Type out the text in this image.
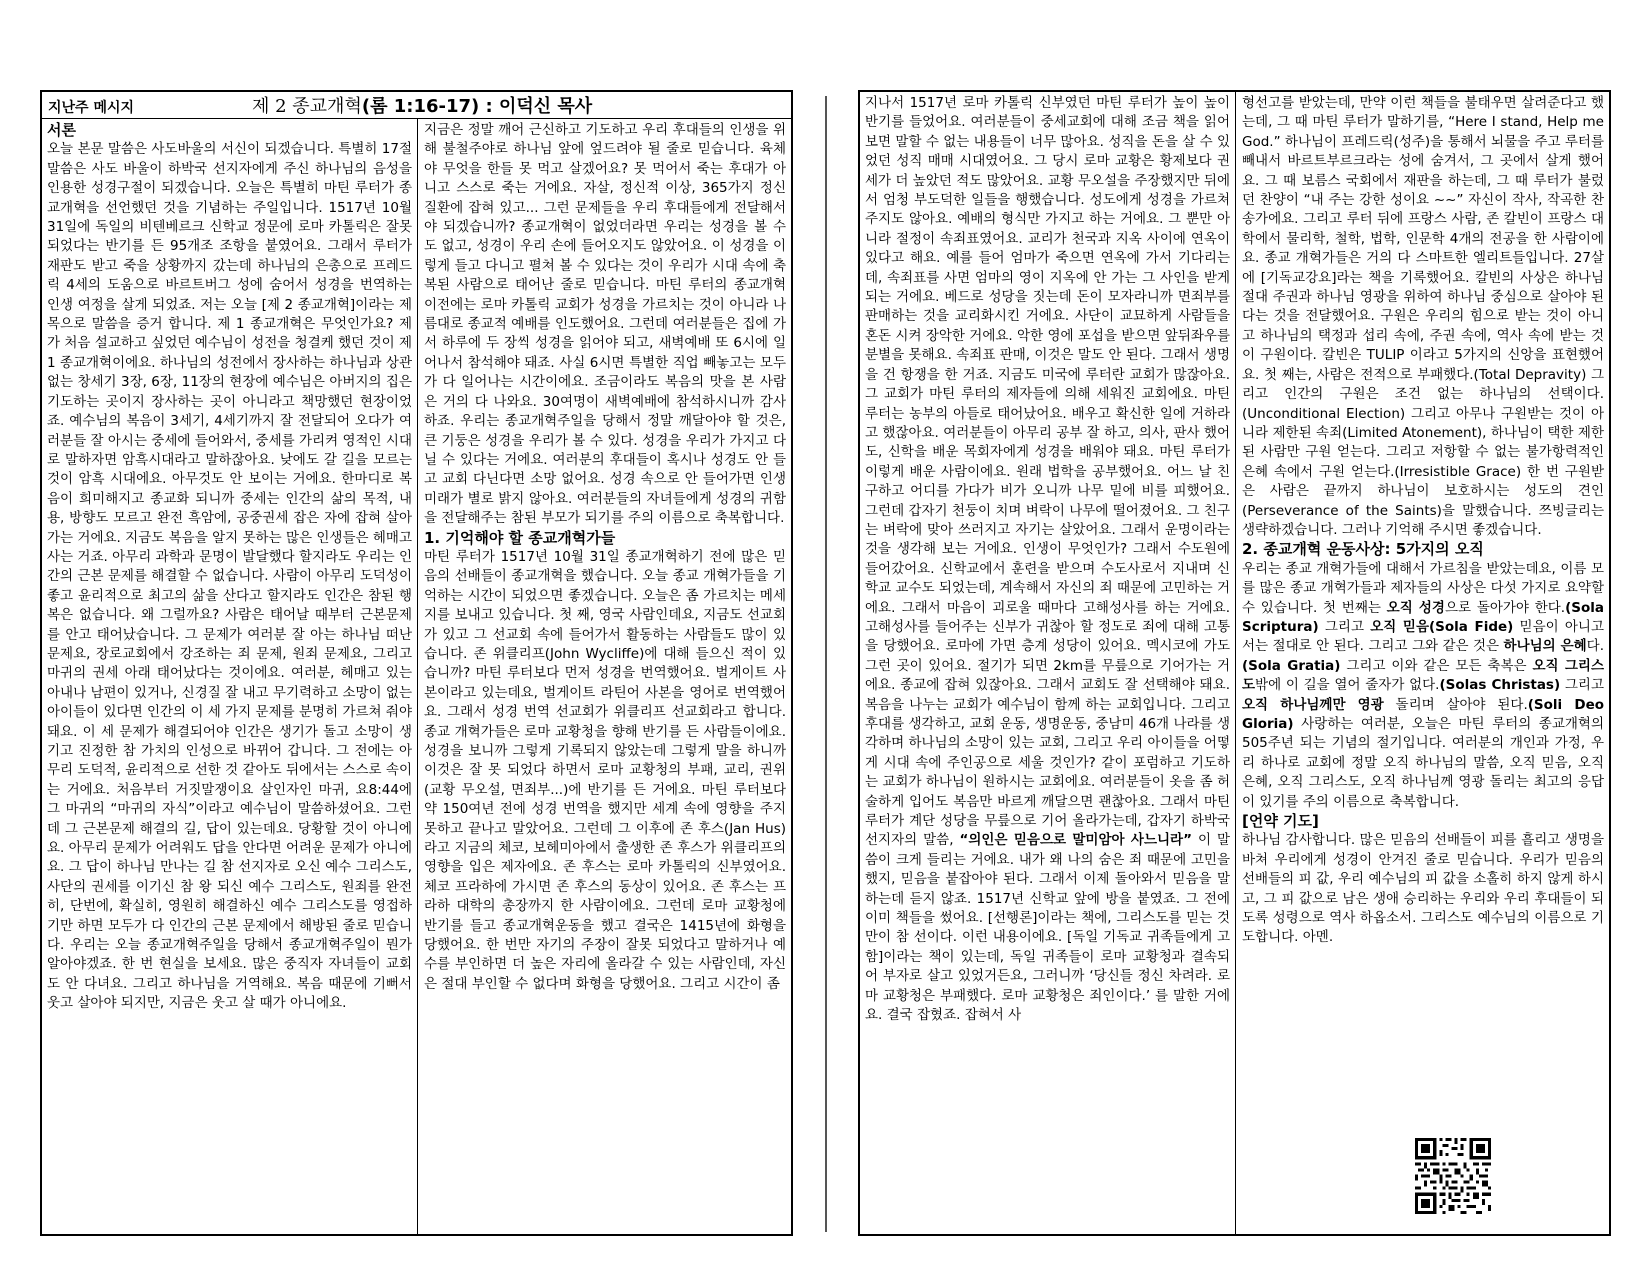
지난주 메시지	제 2 종교개혁(롬 1:16-17) : 이덕신 목사

서론

오늘 본문 말씀은 사도바울의 서신이 되겠습니다. 특별히 17절 말씀은 사도 바울이 하박국 선지자에게 주신 하나님의 음성을 인용한 성경구절이 되겠습니다. 오늘은 특별히 마틴 루터가 종교개혁을 선언했던 것을 기념하는 주일입니다. 1517년 10월 31일에 독일의 비텐베르크 신학교 정문에 로마 카톨릭은 잘못 되었다는 반기를 든 95개조 조항을 붙였어요. 그래서 루터가 재판도 받고 죽을 상황까지 갔는데 하나님의 은총으로 프레드릭 4세의 도움으로 바르트버그 성에 숨어서 성경을 번역하는 인생 여정을 살게 되었죠. 저는 오늘 [제 2 종교개혁]이라는 제목으로 말씀을 증거 합니다. 제 1 종교개혁은 무엇인가요? 제가 처음 설교하고 싶었던 예수님이 성전을 청결케 했던 것이 제 1 종교개혁이에요. 하나님의 성전에서 장사하는 하나님과 상관없는 창세기 3장, 6장, 11장의 현장에 예수님은 아버지의 집은 기도하는 곳이지 장사하는 곳이 아니라고 책망했던 현장이었죠. 예수님의 복음이 3세기, 4세기까지 잘 전달되어 오다가 여러분들 잘 아시는 중세에 들어와서, 중세를 가리켜 영적인 시대로 말하자면 암흑시대라고 말하잖아요. 낮에도 갈 길을 모르는 것이 암흑 시대에요. 아무것도 안 보이는 거에요. 한마디로 복음이 희미해지고 종교화 되니까 중세는 인간의 삶의 목적, 내용, 방향도 모르고 완전 흑암에, 공중권세 잡은 자에 잡혀 살아가는 거에요. 지금도 복음을 알지 못하는 많은 인생들은 헤매고 사는 거죠. 아무리 과학과 문명이 발달했다 할지라도 우리는 인간의 근본 문제를 해결할 수 없습니다. 사람이 아무리 도덕성이 좋고 윤리적으로 최고의 삶을 산다고 할지라도 인간은 참된 행복은 없습니다. 왜 그럴까요? 사람은 태어날 때부터 근본문제를 안고 태어났습니다. 그 문제가 여러분 잘 아는 하나님 떠난 문제요, 장로교회에서 강조하는 죄 문제, 원죄 문제요, 그리고 마귀의 권세 아래 태어났다는 것이에요. 여러분, 헤매고 있는 아내나 남편이 있거나, 신경질 잘 내고 무기력하고 소망이 없는 아이들이 있다면 인간의 이 세 가지 문제를 분명히 가르쳐 줘야 돼요. 이 세 문제가 해결되어야 인간은 생기가 돌고 소망이 생기고 진정한 참 가치의 인성으로 바뀌어 갑니다. 그 전에는 아무리 도덕적, 윤리적으로 선한 것 같아도 뒤에서는 스스로 속이는 거에요. 처음부터 거짓말쟁이요 살인자인 마귀, 요8:44에 그 마귀의 “마귀의 자식”이라고 예수님이 말씀하셨어요. 그런데 그 근본문제 해결의 길, 답이 있는데요. 당황할 것이 아니에요. 아무리 문제가 어려워도 답을 안다면 어려운 문제가 아니에요. 그 답이 하나님 만나는 길 참 선지자로 오신 예수 그리스도, 사단의 권세를 이기신 참 왕 되신 예수 그리스도, 원죄를 완전히, 단번에, 확실히, 영원히 해결하신 예수 그리스도를 영접하기만 하면 모두가 다 인간의 근본 문제에서 해방된 줄로 믿습니다. 우리는 오늘 종교개혁주일을 당해서 종교개혁주일이 뭔가 알아야겠죠. 한 번 현실을 보세요. 많은 중직자 자녀들이 교회도 안 다녀요. 그리고 하나님을 거역해요. 복음 때문에 기뻐서 웃고 살아야 되지만, 지금은 웃고 살 때가 아니에요.

지금은 정말 깨어 근신하고 기도하고 우리 후대들의 인생을 위해 불철주야로 하나님 앞에 엎드려야 될 줄로 믿습니다. 육체야 무엇을 한들 못 먹고 살겠어요? 못 먹어서 죽는 후대가 아니고 스스로 죽는 거에요. 자살, 정신적 이상, 365가지 정신 질환에 잡혀 있고... 그런 문제들을 우리 후대들에게 전달해서야 되겠습니까? 종교개혁이 없었더라면 우리는 성경을 볼 수도 없고, 성경이 우리 손에 들어오지도 않았어요. 이 성경을 이렇게 들고 다니고 펼쳐 볼 수 있다는 것이 우리가 시대 속에 축복된 사람으로 태어난 줄로 믿습니다. 마틴 루터의 종교개혁 이전에는 로마 카톨릭 교회가 성경을 가르치는 것이 아니라 나름대로 종교적 예배를 인도했어요. 그런데 여러분들은 집에 가서 하루에 두 장씩 성경을 읽어야 되고, 새벽예배 또 6시에 일어나서 참석해야 돼죠. 사실 6시면 특별한 직업 빼놓고는 모두가 다 일어나는 시간이에요. 조금이라도 복음의 맛을 본 사람은 거의 다 나와요. 30여명이 새벽예배에 참석하시니까 감사하죠. 우리는 종교개혁주일을 당해서 정말 깨달아야 할 것은, 큰 기둥은 성경을 우리가 볼 수 있다. 성경을 우리가 가지고 다닐 수 있다는 거에요. 여러분의 후대들이 혹시나 성경도 안 들고 교회 다닌다면 소망 없어요. 성경 속으로 안 들어가면 인생 미래가 별로 밝지 않아요. 여러분들의 자녀들에게 성경의 귀함을 전달해주는 참된 부모가 되기를 주의 이름으로 축복합니다.

1. 기억해야 할 종교개혁가들

마틴 루터가 1517년 10월 31일 종교개혁하기 전에 많은 믿음의 선배들이 종교개혁을 했습니다. 오늘 종교 개혁가들을 기억하는 시간이 되었으면 좋겠습니다. 오늘은 좀 가르치는 메세지를 보내고 있습니다. 첫 째, 영국 사람인데요, 지금도 선교회가 있고 그 선교회 속에 들어가서 활동하는 사람들도 많이 있습니다. 존 위클리프(John Wycliffe)에 대해 들으신 적이 있습니까? 마틴 루터보다 먼저 성경을 번역했어요. 벌게이트 사본이라고 있는데요, 벌게이트 라틴어 사본을 영어로 번역했어요. 그래서 성경 번역 선교회가 위클리프 선교회라고 합니다. 종교 개혁가들은 로마 교황청을 향해 반기를 든 사람들이에요. 성경을 보니까 그렇게 기록되지 않았는데 그렇게 말을 하니까 이것은 잘 못 되었다 하면서 로마 교황청의 부패, 교리, 권위(교황 무오설, 면죄부...)에 반기를 든 거에요. 마틴 루터보다 약 150여년 전에 성경 번역을 했지만 세계 속에 영향을 주지 못하고 끝나고 말았어요. 그런데 그 이후에 존 후스(Jan Hus)라고 지금의 체코, 보헤미아에서 출생한 존 후스가 위클리프의 영향을 입은 제자에요. 존 후스는 로마 카톨릭의 신부였어요. 체코 프라하에 가시면 존 후스의 동상이 있어요. 존 후스는 프라하 대학의 총장까지 한 사람이에요. 그런데 로마 교황청에 반기를 들고 종교개혁운동을 했고 결국은 1415년에 화형을 당했어요. 한 번만 자기의 주장이 잘못 되었다고 말하거나 예수를 부인하면 더 높은 자리에 올라갈 수 있는 사람인데, 자신은 절대 부인할 수 없다며 화형을 당했어요. 그리고 시간이 좀

지나서 1517년 로마 카톨릭 신부였던 마틴 루터가 높이 높이 반기를 들었어요. 여러분들이 중세교회에 대해 조금 책을 읽어보면 말할 수 없는 내용들이 너무 많아요. 성직을 돈을 살 수 있었던 성직 매매 시대였어요. 그 당시 로마 교황은 황제보다 권세가 더 높았던 적도 많았어요. 교황 무오설을 주장했지만 뒤에서 엄청 부도덕한 일들을 행했습니다. 성도에게 성경을 가르쳐주지도 않아요. 예배의 형식만 가지고 하는 거에요. 그 뿐만 아니라 절정이 속죄표였어요. 교리가 천국과 지옥 사이에 연옥이 있다고 해요. 예를 들어 엄마가 죽으면 연옥에 가서 기다리는데, 속죄표를 사면 엄마의 영이 지옥에 안 가는 그 사인을 받게 되는 거에요. 베드로 성당을 짓는데 돈이 모자라니까 면죄부를 판매하는 것을 교리화시킨 거에요. 사단이 교묘하게 사람들을 혼돈 시켜 장악한 거에요. 악한 영에 포섭을 받으면 앞뒤좌우를 분별을 못해요. 속죄표 판매, 이것은 말도 안 된다. 그래서 생명을 건 항쟁을 한 거죠. 지금도 미국에 루터란 교회가 많잖아요. 그 교회가 마틴 루터의 제자들에 의해 세워진 교회에요. 마틴 루터는 농부의 아들로 태어났어요. 배우고 확신한 일에 거하라고 했잖아요. 여러분들이 아무리 공부 잘 하고, 의사, 판사 했어도, 신학을 배운 목회자에게 성경을 배워야 돼요. 마틴 루터가 이렇게 배운 사람이에요. 원래 법학을 공부했어요. 어느 날 친구하고 어디를 가다가 비가 오니까 나무 밑에 비를 피했어요. 그런데 갑자기 천둥이 치며 벼락이 나무에 떨어졌어요. 그 친구는 벼락에 맞아 쓰러지고 자기는 살았어요. 그래서 운명이라는 것을 생각해 보는 거에요. 인생이 무엇인가? 그래서 수도원에 들어갔어요. 신학교에서 훈련을 받으며 수도사로서 지내며 신학교 교수도 되었는데, 계속해서 자신의 죄 때문에 고민하는 거에요. 그래서 마음이 괴로울 때마다 고해성사를 하는 거에요. 고해성사를 들어주는 신부가 귀찮아 할 정도로 죄에 대해 고통을 당했어요. 로마에 가면 층계 성당이 있어요. 멕시코에 가도 그런 곳이 있어요. 절기가 되면 2km를 무릎으로 기어가는 거에요. 종교에 잡혀 있잖아요. 그래서 교회도 잘 선택해야 돼요. 복음을 나누는 교회가 예수님이 함께 하는 교회입니다. 그리고 후대를 생각하고, 교회 운동, 생명운동, 중남미 46개 나라를 생각하며 하나님의 소망이 있는 교회, 그리고 우리 아이들을 어떻게 시대 속에 주인공으로 세울 것인가? 같이 포럼하고 기도하는 교회가 하나님이 원하시는 교회에요. 여러분들이 옷을 좀 허술하게 입어도 복음만 바르게 깨달으면 괜찮아요. 그래서 마틴 루터가 계단 성당을 무릎으로 기어 올라가는데, 갑자기 하박국 선지자의 말씀, “의인은 믿음으로 말미암아 사느니라” 이 말씀이 크게 들리는 거에요. 내가 왜 나의 숨은 죄 때문에 고민을 했지, 믿음을 붙잡아야 된다. 그래서 이제 돌아와서 믿음을 말하는데 듣지 않죠. 1517년 신학교 앞에 방을 붙였죠. 그 전에 이미 책들을 썼어요. [선행론]이라는 책에, 그리스도를 믿는 것만이 참 선이다. 이런 내용이에요. [독일 기독교 귀족들에게 고함]이라는 책이 있는데, 독일 귀족들이 로마 교황청과 결속되어 부자로 살고 있었거든요, 그러니까 ‘당신들 정신 차려라. 로마 교황청은 부패했다. 로마 교황청은 죄인이다.’ 를 말한 거에요. 결국 잡혔죠. 잡혀서 사

형선고를 받았는데, 만약 이런 책들을 불태우면 살려준다고 했는데, 그 때 마틴 루터가 말하기를, “Here I stand, Help me God.” 하나님이 프레드릭(성주)을 통해서 뇌물을 주고 루터를 빼내서 바르트부르크라는 성에 숨겨서, 그 곳에서 살게 했어요. 그 때 보름스 국회에서 재판을 하는데, 그 때 루터가 불렀던 찬양이 “내 주는 강한 성이요 ~~” 자신이 작사, 작곡한 찬송가에요. 그리고 루터 뒤에 프랑스 사람, 존 칼빈이 프랑스 대학에서 물리학, 철학, 법학, 인문학 4개의 전공을 한 사람이에요. 종교 개혁가들은 거의 다 스마트한 엘리트들입니다. 27살에 [기독교강요]라는 책을 기록했어요. 칼빈의 사상은 하나님 절대 주권과 하나님 영광을 위하여 하나님 중심으로 살아야 된다는 것을 전달했어요. 구원은 우리의 힘으로 받는 것이 아니고 하나님의 택정과 섭리 속에, 주권 속에, 역사 속에 받는 것이 구원이다. 칼빈은 TULIP 이라고 5가지의 신앙을 표현했어요. 첫 째는, 사람은 전적으로 부패했다.(Total Depravity) 그리고 인간의 구원은 조건 없는 하나님의 선택이다.(Unconditional Election) 그리고 아무나 구원받는 것이 아니라 제한된 속죄(Limited Atonement), 하나님이 택한 제한된 사람만 구원 얻는다. 그리고 저항할 수 없는 불가항력적인 은혜 속에서 구원 얻는다.(Irresistible Grace) 한 번 구원받은 사람은 끝까지 하나님이 보호하시는 성도의 견인(Perseverance of the Saints)을 말했습니다. 쯔빙글리는 생략하겠습니다. 그러나 기억해 주시면 좋겠습니다.

2. 종교개혁 운동사상: 5가지의 오직

우리는 종교 개혁가들에 대해서 가르침을 받았는데요, 이름 모를 많은 종교 개혁가들과 제자들의 사상은 다섯 가지로 요약할 수 있습니다. 첫 번째는 오직 성경으로 돌아가야 한다.(Sola Scriptura) 그리고 오직 믿음(Sola Fide) 믿음이 아니고서는 절대로 안 된다. 그리고 그와 같은 것은 하나님의 은혜다.(Sola Gratia) 그리고 이와 같은 모든 축복은 오직 그리스도밖에 이 길을 열어 줄자가 없다.(Solas Christas) 그리고 오직 하나님께만 영광 돌리며 살아야 된다.(Soli Deo Gloria) 사랑하는 여러분, 오늘은 마틴 루터의 종교개혁의 505주년 되는 기념의 절기입니다. 여러분의 개인과 가정, 우리 하나로 교회에 정말 오직 하나님의 말씀, 오직 믿음, 오직 은혜, 오직 그리스도, 오직 하나님께 영광 돌리는 최고의 응답이 있기를 주의 이름으로 축복합니다.

[언약 기도]

하나님 감사합니다. 많은 믿음의 선배들이 피를 흘리고 생명을 바쳐 우리에게 성경이 안겨진 줄로 믿습니다. 우리가 믿음의 선배들의 피 값, 우리 예수님의 피 값을 소홀히 하지 않게 하시고, 그 피 값으로 남은 생애 승리하는 우리와 우리 후대들이 되도록 성령으로 역사 하옵소서. 그리스도 예수님의 이름으로 기도합니다. 아멘.
